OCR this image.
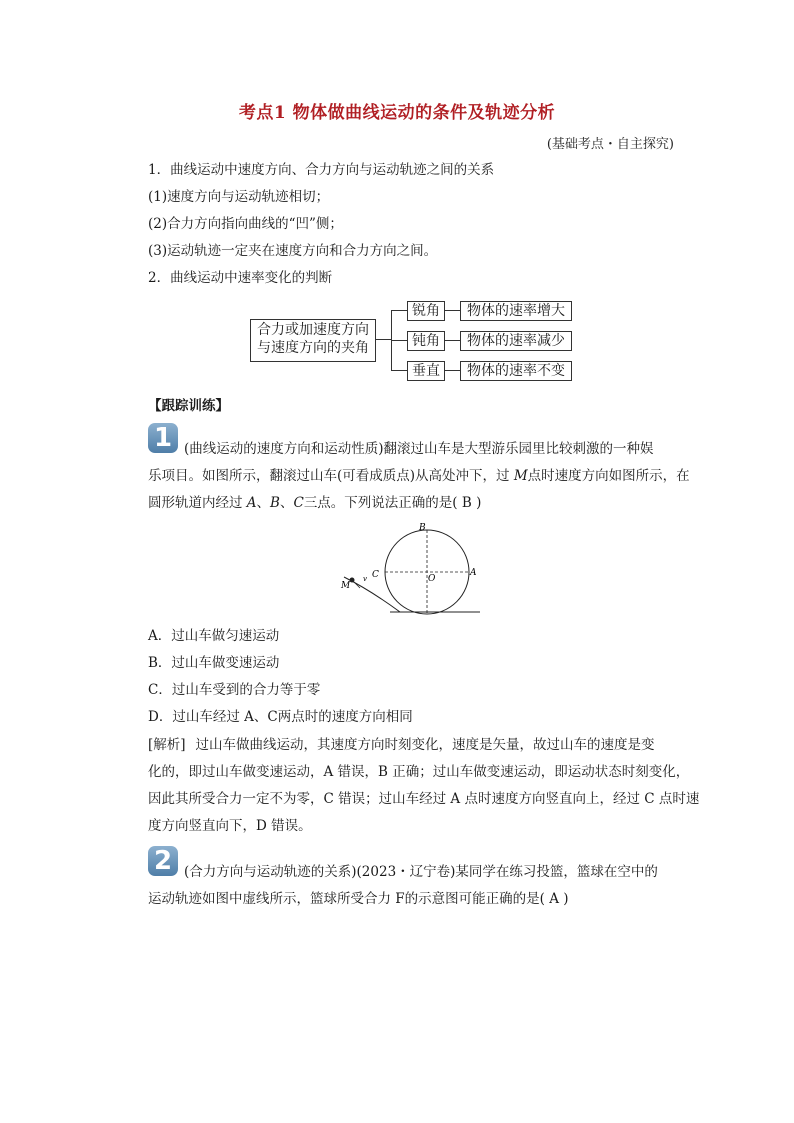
考点1 物体做曲线运动的条件及轨迹分析
(基础考点・自主探究)
1．曲线运动中速度方向、合力方向与运动轨迹之间的关系
(1)速度方向与运动轨迹相切；
(2)合力方向指向曲线的“凹”侧；
(3)运动轨迹一定夹在速度方向和合力方向之间。
2．曲线运动中速率变化的判断
合力或加速度方向
与速度方向的夹角
锐角
钝角
垂直
物体的速率增大
物体的速率减少
物体的速率不变
【跟踪训练】
1 (曲线运动的速度方向和运动性质)翻滚过山车是大型游乐园里比较刺激的一种娱
乐项目。如图所示，翻滚过山车(可看成质点)从高处冲下，过 M点时速度方向如图所示，在
圆形轨道内经过 A、B、C三点。下列说法正确的是( B )
B
A
C	O
M
v
A．过山车做匀速运动
B．过山车做变速运动
C．过山车受到的合力等于零
D．过山车经过 A、C两点时的速度方向相同
[解析] 过山车做曲线运动，其速度方向时刻变化，速度是矢量，故过山车的速度是变
化的，即过山车做变速运动，A 错误，B 正确；过山车做变速运动，即运动状态时刻变化，
因此其所受合力一定不为零，C 错误；过山车经过 A 点时速度方向竖直向上，经过 C 点时速
度方向竖直向下，D 错误。
2 (合力方向与运动轨迹的关系)(2023・辽宁卷)某同学在练习投篮，篮球在空中的
运动轨迹如图中虚线所示，篮球所受合力 F的示意图可能正确的是( A )
